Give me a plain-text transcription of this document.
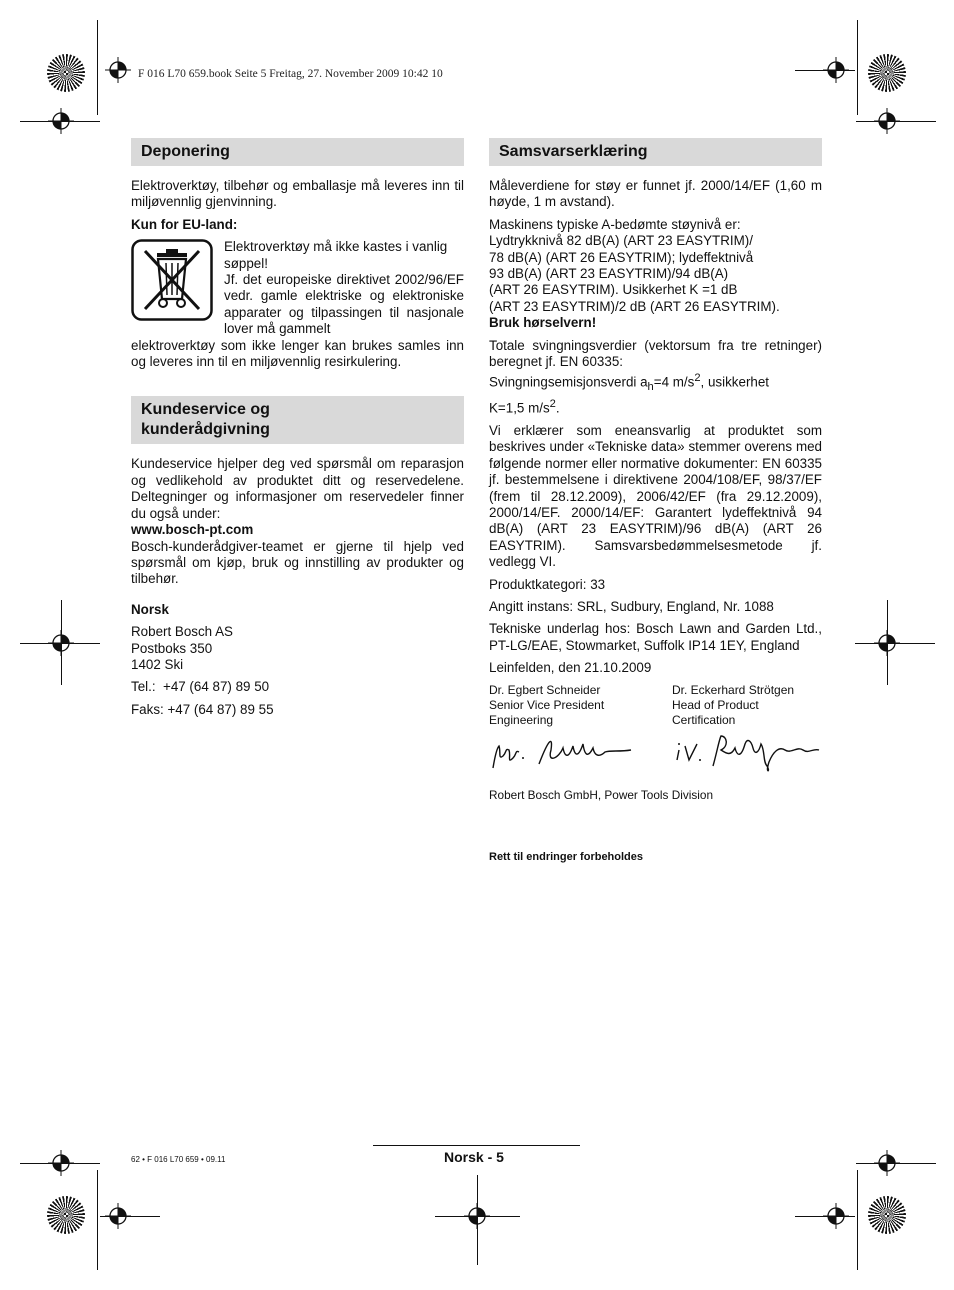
F 016 L70 659.book Seite 5 Freitag, 27. November 2009 10:42 10
Deponering

Elektroverktøy, tilbehør og emballasje må leveres inn til miljøvennlig gjenvinning.

Kun for EU-land:

Elektroverktøy må ikke kastes i vanlig søppel!

Jf. det europeiske direktivet 2002/96/EF vedr. gamle elektriske og elektroniske apparater og tilpassingen til nasjonale lover må gammelt

elektroverktøy som ikke lenger kan brukes samles inn og leveres inn til en miljøvennlig resirkulering.

Kundeservice og
kunderådgivning

Kundeservice hjelper deg ved spørsmål om reparasjon og vedlikehold av produktet ditt og reservedelene. Deltegninger og informasjoner om reservedeler finner du også under:

www.bosch-pt.com

Bosch-kunderådgiver-teamet er gjerne til hjelp ved spørsmål om kjøp, bruk og innstilling av produkter og tilbehør.

Norsk

Robert Bosch AS

Postboks 350

1402 Ski

Tel.:  +47 (64 87) 89 50

Faks: +47 (64 87) 89 55

Samsvarserklæring

Måleverdiene for støy er funnet jf. 2000/14/EF (1,60 m høyde, 1 m avstand).

Maskinens typiske A-bedømte støynivå er:

Lydtrykknivå 82 dB(A) (ART 23 EASYTRIM)/

78 dB(A) (ART 26 EASYTRIM); lydeffektnivå

93 dB(A) (ART 23 EASYTRIM)/94 dB(A)

(ART 26 EASYTRIM). Usikkerhet K =1 dB

(ART 23 EASYTRIM)/2 dB (ART 26 EASYTRIM).

Bruk hørselvern!

Totale svingningsverdier (vektorsum fra tre retninger) beregnet jf. EN 60335:

Svingningsemisjonsverdi $a_h=4$ $m/s^2$, usikkerhet

K=1,5 $m/s^2$.

Vi erklærer som eneansvarlig at produktet som beskrives under «Tekniske data» stemmer overens med følgende normer eller normative dokumenter: EN 60335 jf. bestemmelsene i direktivene 2004/108/EF, 98/37/EF (frem til 28.12.2009), 2006/42/EF (fra 29.12.2009), 2000/14/EF. 2000/14/EF: Garantert lydeffektnivå 94 dB(A) (ART 23 EASYTRIM)/96 dB(A) (ART 26 EASYTRIM). Samsvarsbedømmelsesmetode jf. vedlegg VI.

Produktkategori: 33

Angitt instans: SRL, Sudbury, England, Nr. 1088

Tekniske underlag hos: Bosch Lawn and Garden Ltd., PT-LG/EAE, Stowmarket, Suffolk IP14 1EY, England

Leinfelden, den 21.10.2009

Dr. Egbert Schneider
Senior Vice President
Engineering
Dr. Eckerhard Strötgen
Head of Product
Certification

Robert Bosch GmbH, Power Tools Division

Rett til endringer forbeholdes

62 • F 016 L70 659 • 09.11	Norsk - 5
